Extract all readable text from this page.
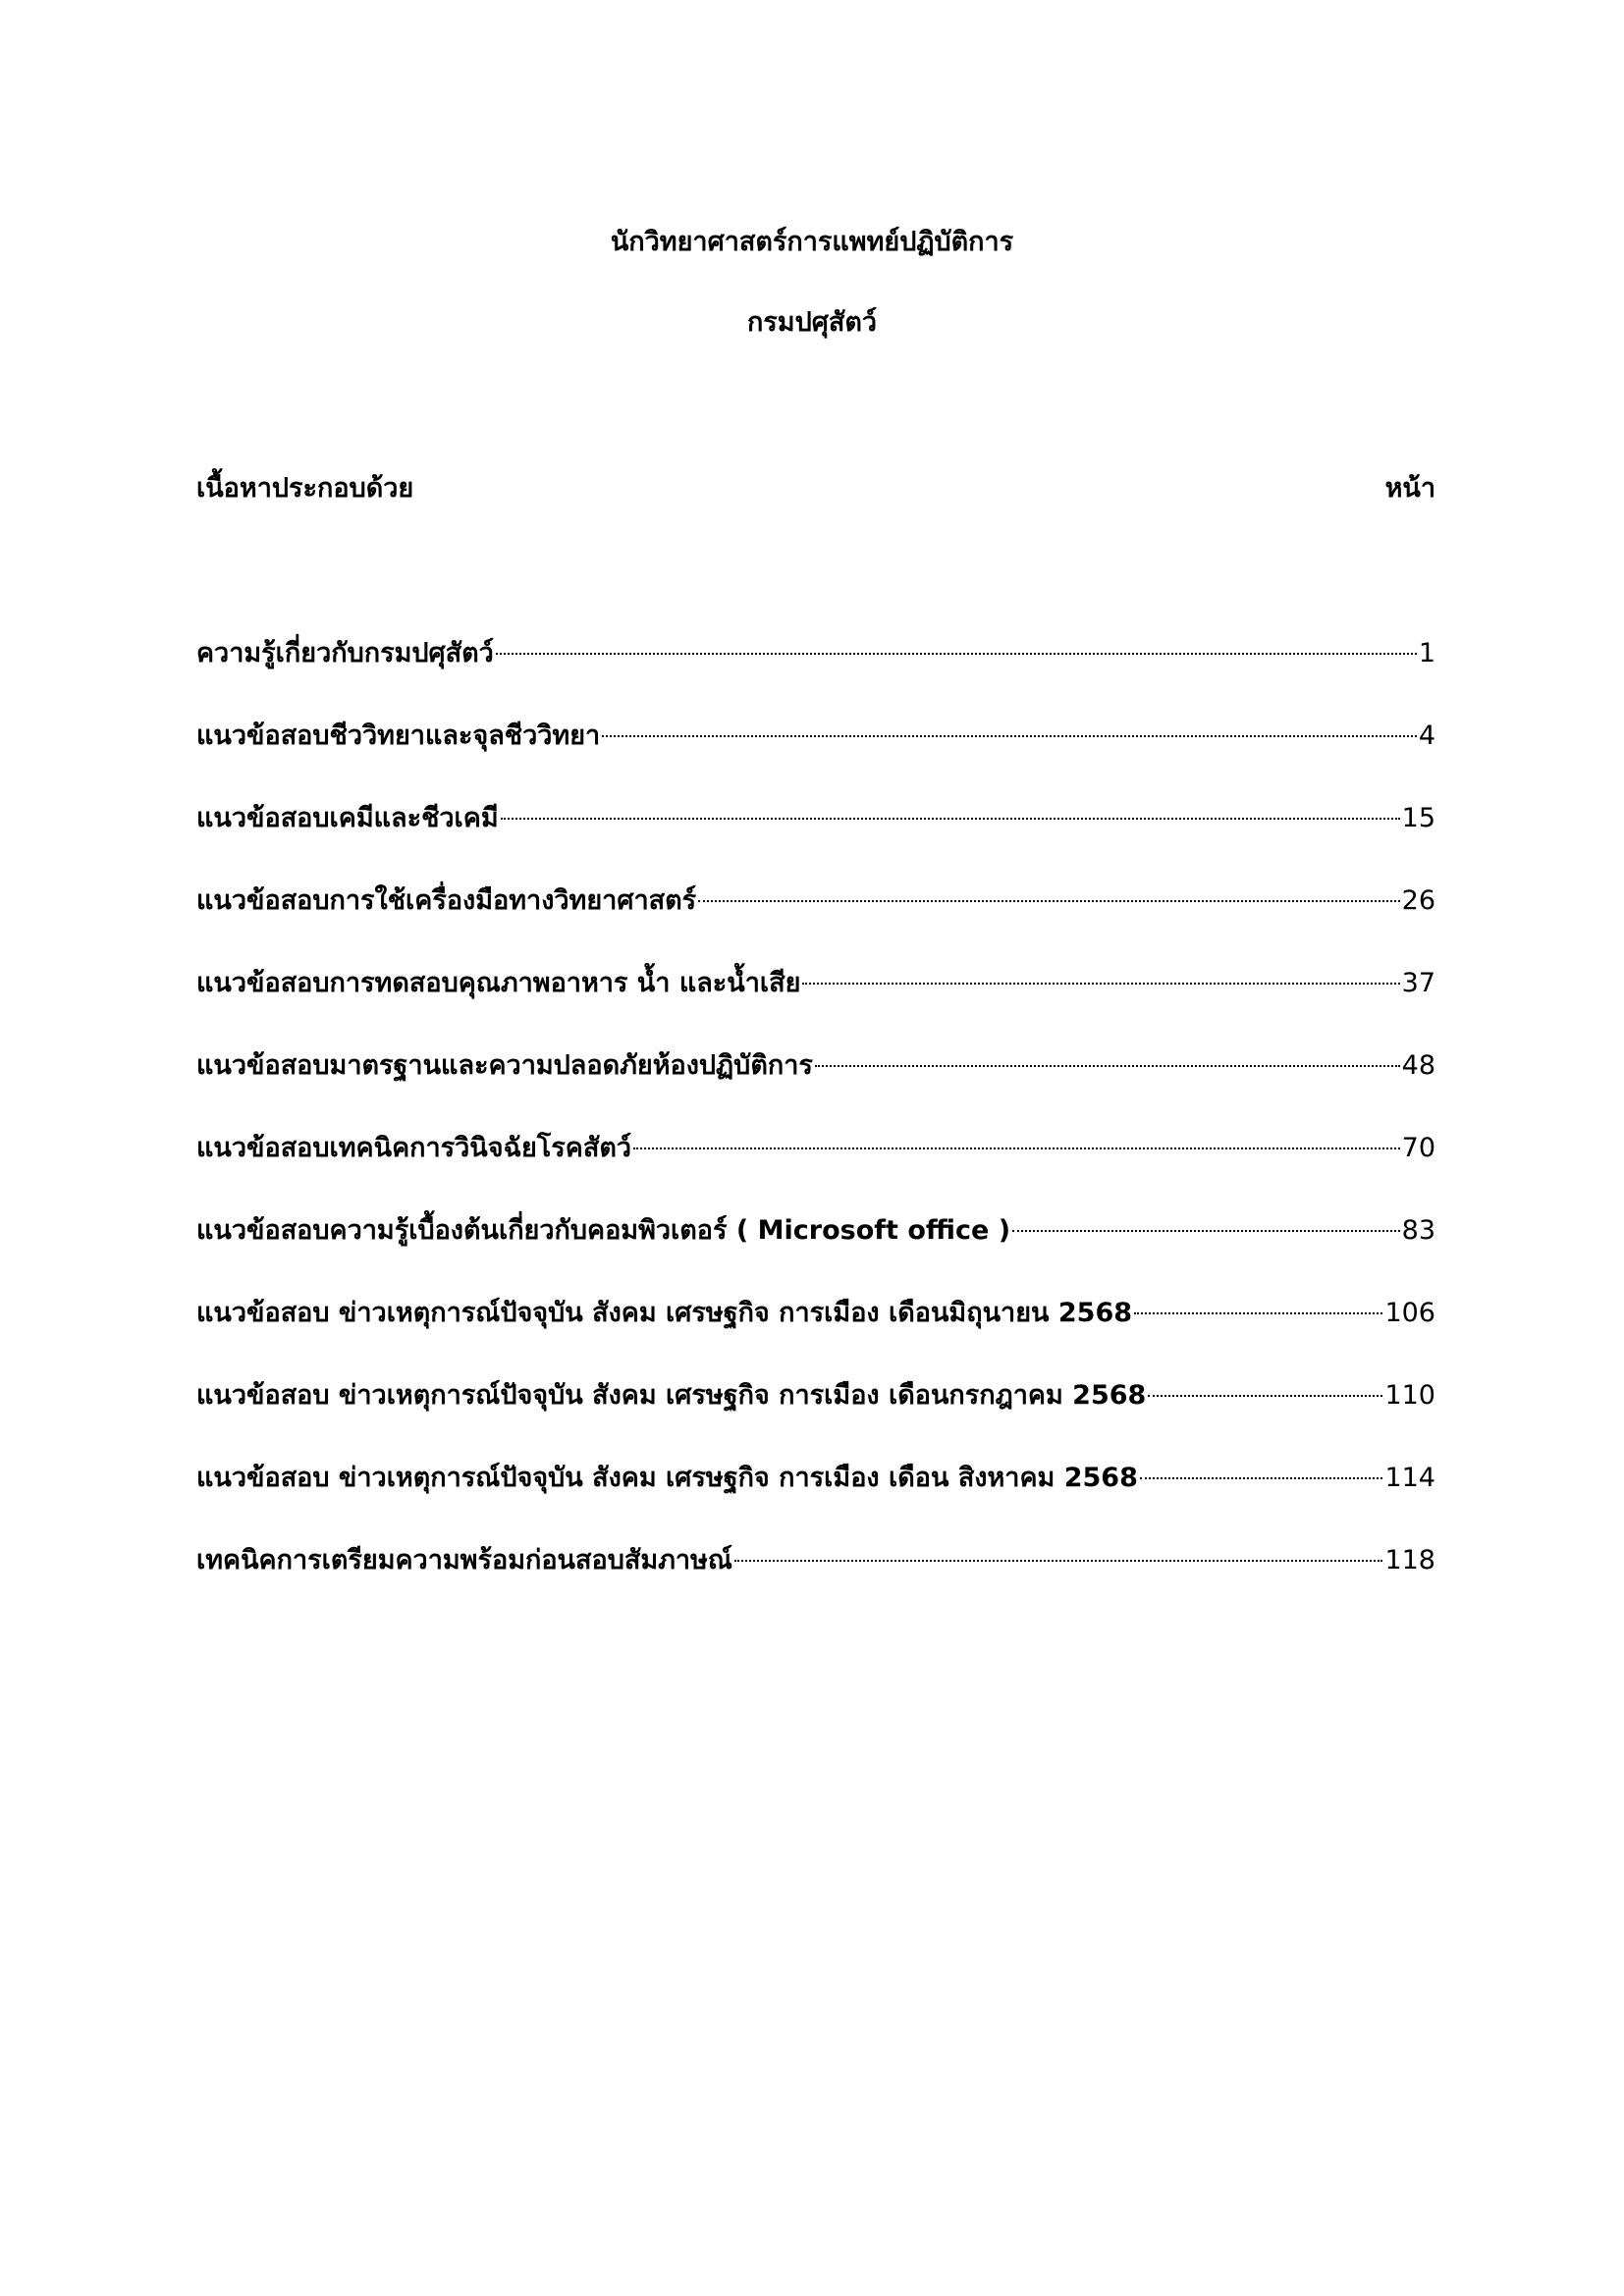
นักวิทยาศาสตร์การแพทย์ปฏิบัติการ
กรมปศุสัตว์
เนื้อหาประกอบด้วย	หน้า
ความรู้เกี่ยวกับกรมปศุสัตว์	1
แนวข้อสอบชีววิทยาและจุลชีววิทยา	4
แนวข้อสอบเคมีและชีวเคมี	15
แนวข้อสอบการใช้เครื่องมือทางวิทยาศาสตร์	26
แนวข้อสอบการทดสอบคุณภาพอาหาร น้ำ และน้ำเสีย	37
แนวข้อสอบมาตรฐานและความปลอดภัยห้องปฏิบัติการ	48
แนวข้อสอบเทคนิคการวินิจฉัยโรคสัตว์	70
แนวข้อสอบความรู้เบื้องต้นเกี่ยวกับคอมพิวเตอร์ ( Microsoft office )	83
แนวข้อสอบ ข่าวเหตุการณ์ปัจจุบัน สังคม เศรษฐกิจ การเมือง เดือนมิถุนายน 2568	106
แนวข้อสอบ ข่าวเหตุการณ์ปัจจุบัน สังคม เศรษฐกิจ การเมือง เดือนกรกฎาคม 2568	110
แนวข้อสอบ ข่าวเหตุการณ์ปัจจุบัน สังคม เศรษฐกิจ การเมือง เดือน สิงหาคม 2568	114
เทคนิคการเตรียมความพร้อมก่อนสอบสัมภาษณ์	118
